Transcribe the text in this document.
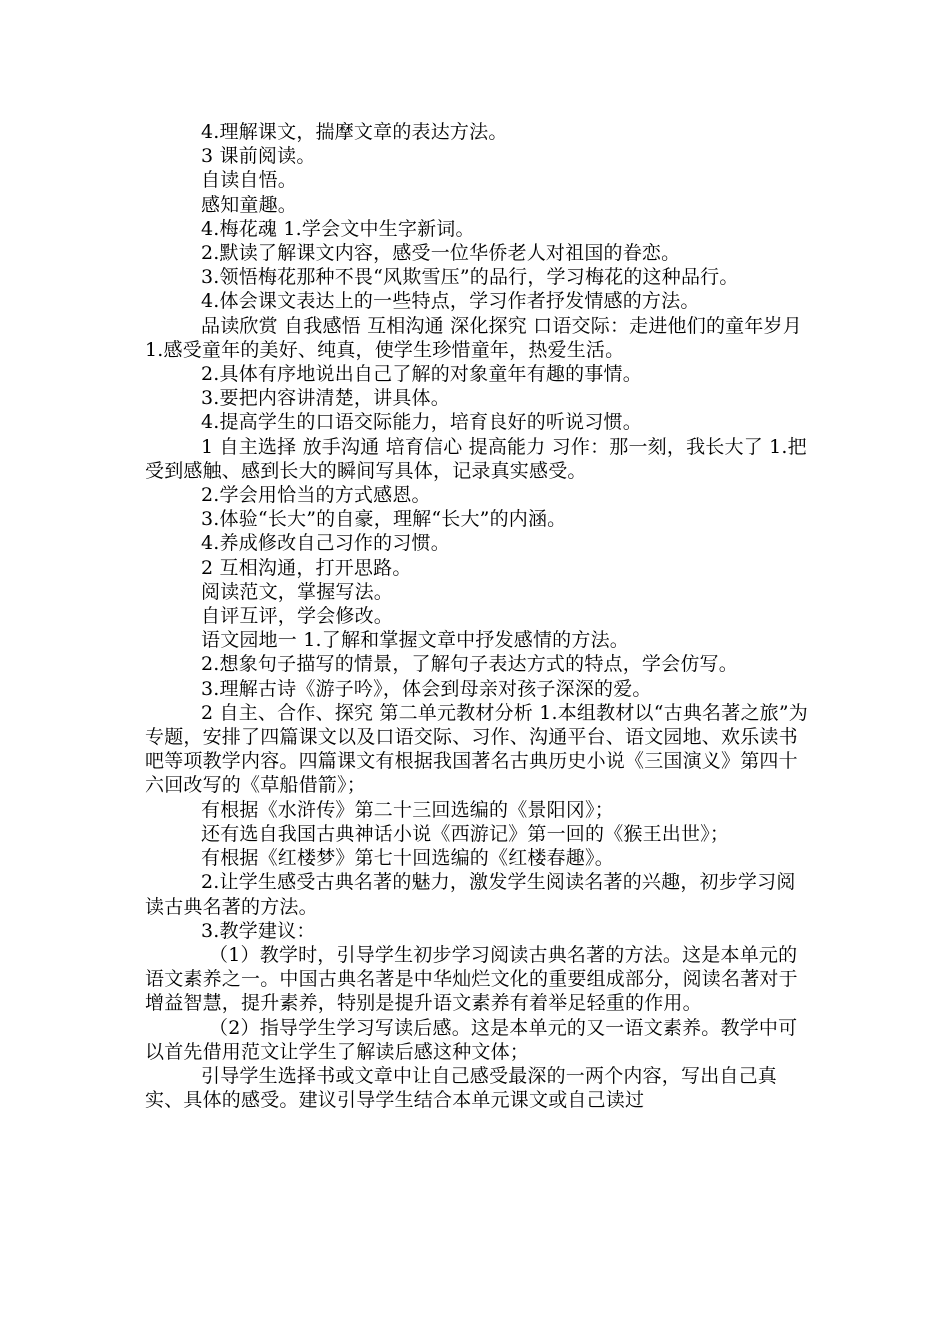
4.理解课文，揣摩文章的表达方法。

3 课前阅读。

自读自悟。

感知童趣。

4.梅花魂 1.学会文中生字新词。

2.默读了解课文内容，感受一位华侨老人对祖国的眷恋。

3.领悟梅花那种不畏“风欺雪压”的品行，学习梅花的这种品行。

4.体会课文表达上的一些特点，学习作者抒发情感的方法。

品读欣赏 自我感悟 互相沟通 深化探究 口语交际：走进他们的童年岁月 1.感受童年的美好、纯真，使学生珍惜童年，热爱生活。

2.具体有序地说出自己了解的对象童年有趣的事情。

3.要把内容讲清楚，讲具体。

4.提高学生的口语交际能力，培育良好的听说习惯。

1 自主选择 放手沟通 培育信心 提高能力 习作：那一刻，我长大了 1.把受到感触、感到长大的瞬间写具体，记录真实感受。

2.学会用恰当的方式感恩。

3.体验“长大”的自豪，理解“长大”的内涵。

4.养成修改自己习作的习惯。

2 互相沟通，打开思路。

阅读范文，掌握写法。

自评互评，学会修改。

语文园地一 1.了解和掌握文章中抒发感情的方法。

2.想象句子描写的情景，了解句子表达方式的特点，学会仿写。

3.理解古诗《游子吟》，体会到母亲对孩子深深的爱。

2 自主、合作、探究 第二单元教材分析 1.本组教材以“古典名著之旅”为专题，安排了四篇课文以及口语交际、习作、沟通平台、语文园地、欢乐读书吧等项教学内容。四篇课文有根据我国著名古典历史小说《三国演义》第四十六回改写的《草船借箭》；

有根据《水浒传》第二十三回选编的《景阳冈》；

还有选自我国古典神话小说《西游记》第一回的《猴王出世》；

有根据《红楼梦》第七十回选编的《红楼春趣》。

2.让学生感受古典名著的魅力，激发学生阅读名著的兴趣，初步学习阅读古典名著的方法。

3.教学建议：

（1）教学时，引导学生初步学习阅读古典名著的方法。这是本单元的语文素养之一。中国古典名著是中华灿烂文化的重要组成部分，阅读名著对于增益智慧，提升素养，特别是提升语文素养有着举足轻重的作用。

（2）指导学生学习写读后感。这是本单元的又一语文素养。教学中可以首先借用范文让学生了解读后感这种文体；

引导学生选择书或文章中让自己感受最深的一两个内容，写出自己真实、具体的感受。建议引导学生结合本单元课文或自己读过
